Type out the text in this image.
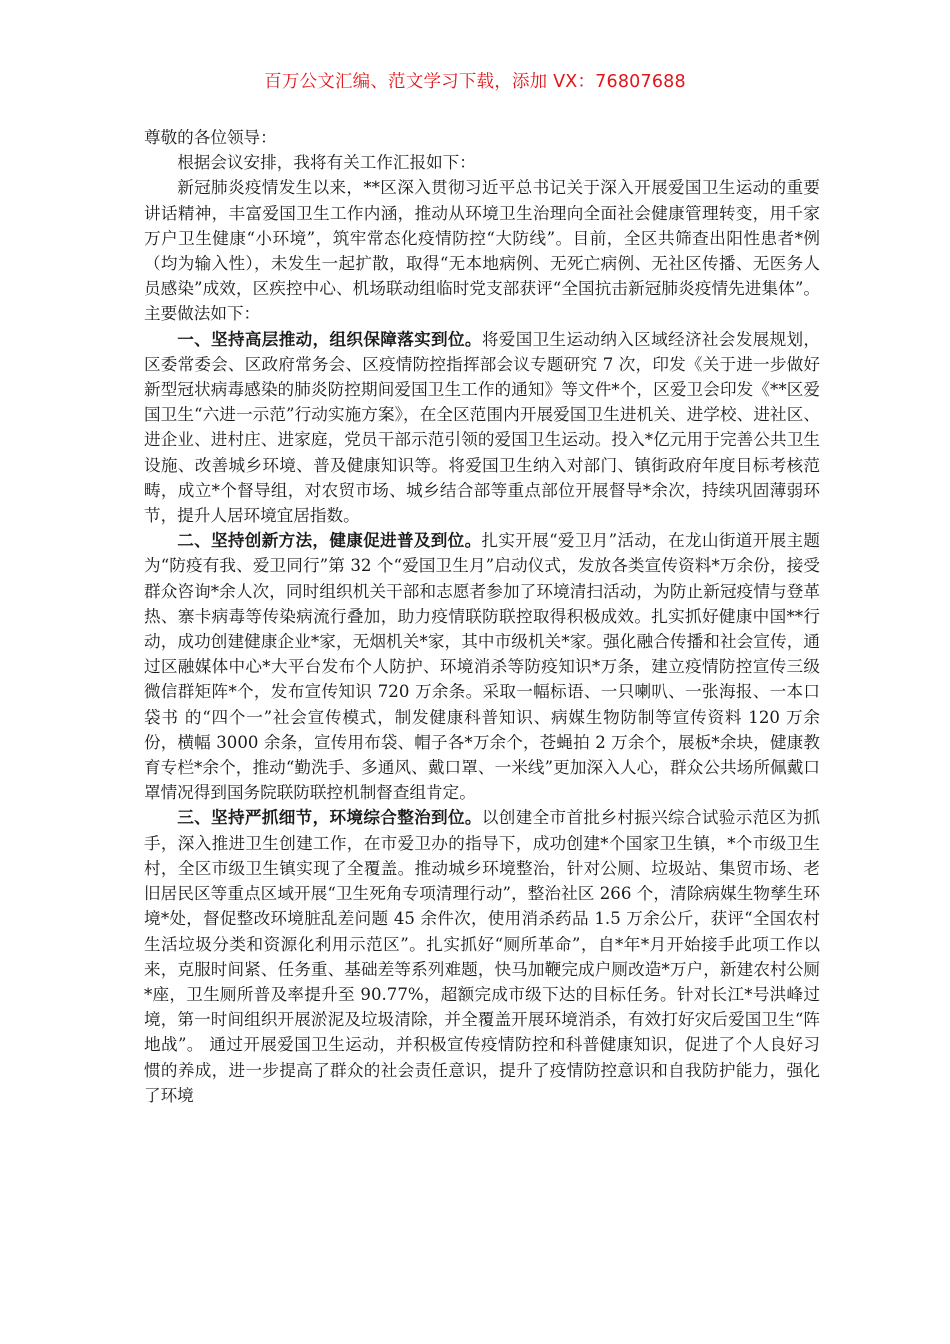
百万公文汇编、范文学习下载，添加 VX：76807688

尊敬的各位领导：

根据会议安排，我将有关工作汇报如下：

新冠肺炎疫情发生以来，**区深入贯彻习近平总书记关于深入开展爱国卫生运动的重要讲话精神，丰富爱国卫生工作内涵，推动从环境卫生治理向全面社会健康管理转变，用千家万户卫生健康“小环境”，筑牢常态化疫情防控“大防线”。目前，全区共筛查出阳性患者*例（均为输入性），未发生一起扩散，取得“无本地病例、无死亡病例、无社区传播、无医务人员感染”成效，区疾控中心、机场联动组临时党支部获评“全国抗击新冠肺炎疫情先进集体”。主要做法如下：

一、坚持高层推动，组织保障落实到位。将爱国卫生运动纳入区域经济社会发展规划，区委常委会、区政府常务会、区疫情防控指挥部会议专题研究 7 次，印发《关于进一步做好新型冠状病毒感染的肺炎防控期间爱国卫生工作的通知》等文件*个，区爱卫会印发《**区爱国卫生“六进一示范”行动实施方案》，在全区范围内开展爱国卫生进机关、进学校、进社区、进企业、进村庄、进家庭，党员干部示范引领的爱国卫生运动。投入*亿元用于完善公共卫生设施、改善城乡环境、普及健康知识等。将爱国卫生纳入对部门、镇街政府年度目标考核范畴，成立*个督导组，对农贸市场、城乡结合部等重点部位开展督导*余次，持续巩固薄弱环节，提升人居环境宜居指数。

二、坚持创新方法，健康促进普及到位。扎实开展“爱卫月”活动，在龙山街道开展主题为“防疫有我、爱卫同行”第 32 个“爱国卫生月”启动仪式，发放各类宣传资料*万余份，接受群众咨询*余人次，同时组织机关干部和志愿者参加了环境清扫活动，为防止新冠疫情与登革热、寨卡病毒等传染病流行叠加，助力疫情联防联控取得积极成效。扎实抓好健康中国**行动，成功创建健康企业*家，无烟机关*家，其中市级机关*家。强化融合传播和社会宣传，通过区融媒体中心*大平台发布个人防护、环境消杀等防疫知识*万条，建立疫情防控宣传三级微信群矩阵*个，发布宣传知识 720 万余条。采取一幅标语、一只喇叭、一张海报、一本口袋书 的“四个一”社会宣传模式，制发健康科普知识、病媒生物防制等宣传资料 120 万余份，横幅 3000 余条，宣传用布袋、帽子各*万余个，苍蝇拍 2 万余个，展板*余块，健康教育专栏*余个，推动“勤洗手、多通风、戴口罩、一米线”更加深入人心，群众公共场所佩戴口罩情况得到国务院联防联控机制督查组肯定。

三、坚持严抓细节，环境综合整治到位。以创建全市首批乡村振兴综合试验示范区为抓手，深入推进卫生创建工作，在市爱卫办的指导下，成功创建*个国家卫生镇，*个市级卫生村，全区市级卫生镇实现了全覆盖。推动城乡环境整治，针对公厕、垃圾站、集贸市场、老旧居民区等重点区域开展“卫生死角专项清理行动”，整治社区 266 个，清除病媒生物孳生环境*处，督促整改环境脏乱差问题 45 余件次，使用消杀药品 1.5 万余公斤，获评“全国农村生活垃圾分类和资源化利用示范区”。扎实抓好“厕所革命”，自*年*月开始接手此项工作以来，克服时间紧、任务重、基础差等系列难题，快马加鞭完成户厕改造*万户，新建农村公厕*座，卫生厕所普及率提升至 90.77%，超额完成市级下达的目标任务。针对长江*号洪峰过境，第一时间组织开展淤泥及垃圾清除，并全覆盖开展环境消杀，有效打好灾后爱国卫生“阵地战”。 通过开展爱国卫生运动，并积极宣传疫情防控和科普健康知识，促进了个人良好习惯的养成，进一步提高了群众的社会责任意识，提升了疫情防控意识和自我防护能力，强化了环境
